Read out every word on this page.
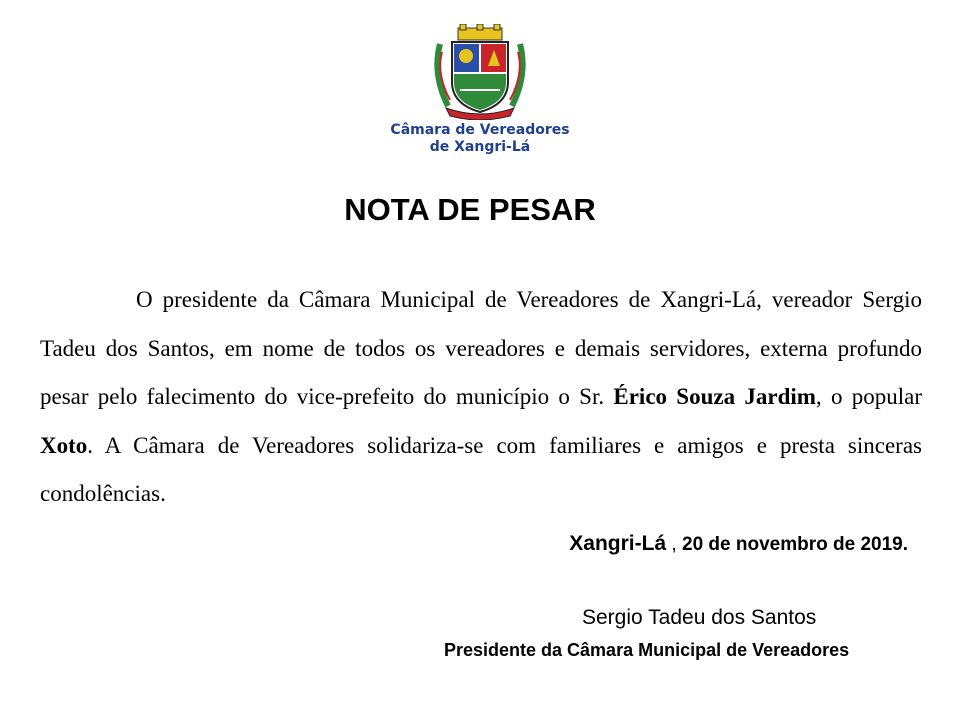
Câmara de Vereadores
de Xangri-Lá
NOTA DE PESAR
O presidente da Câmara Municipal de Vereadores de Xangri-Lá, vereador Sergio Tadeu dos Santos, em nome de todos os vereadores e demais servidores, externa profundo pesar pelo falecimento do vice-prefeito do município o Sr. Érico Souza Jardim, o popular Xoto. A Câmara de Vereadores solidariza-se com familiares e amigos e presta sinceras condolências.
Xangri-Lá , 20 de novembro de 2019.
Sergio Tadeu dos Santos
Presidente da Câmara Municipal de Vereadores
